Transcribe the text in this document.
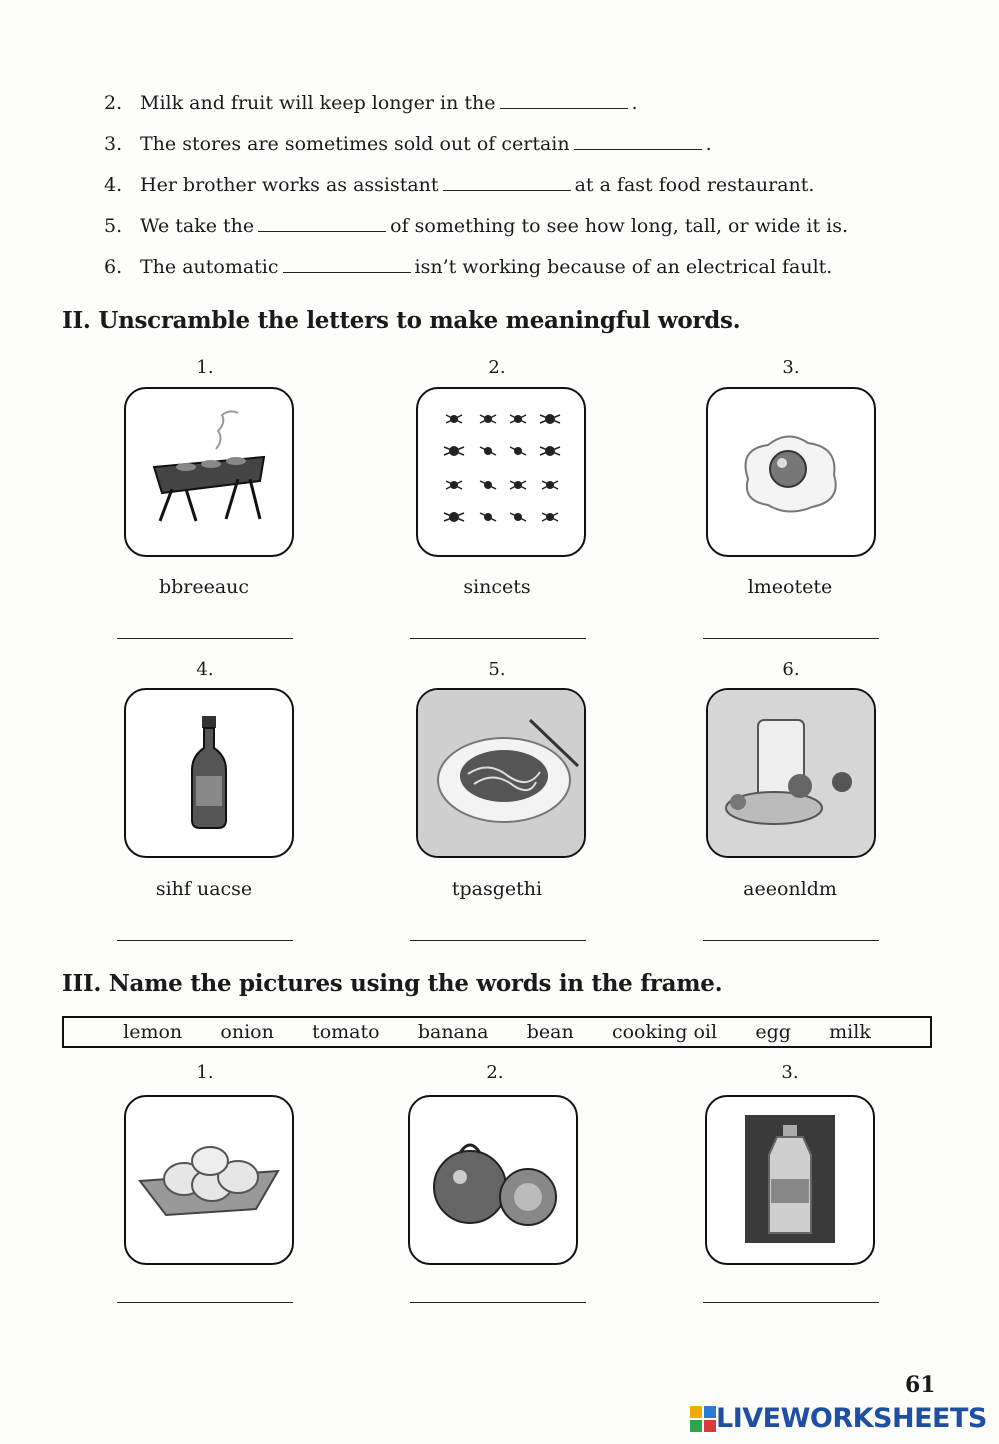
2. Milk and fruit will keep longer in the	.
3. The stores are sometimes sold out of certain	.
4. Her brother works as assistant	at a fast food restaurant.
5. We take the	of something to see how long, tall, or wide it is.
6. The automatic	isn’t working because of an electrical fault.
II. Unscramble the letters to make meaningful words.
1.	2.	3.
bbreeauc	sincets	lmeotete
4.	5.	6.
sihf uacse	tpasgethi	aeeonldm
III. Name the pictures using the words in the frame.
lemon onion tomato banana bean cooking oil egg milk
1.	2.	3.
61
LIVEWORKSHEETS
